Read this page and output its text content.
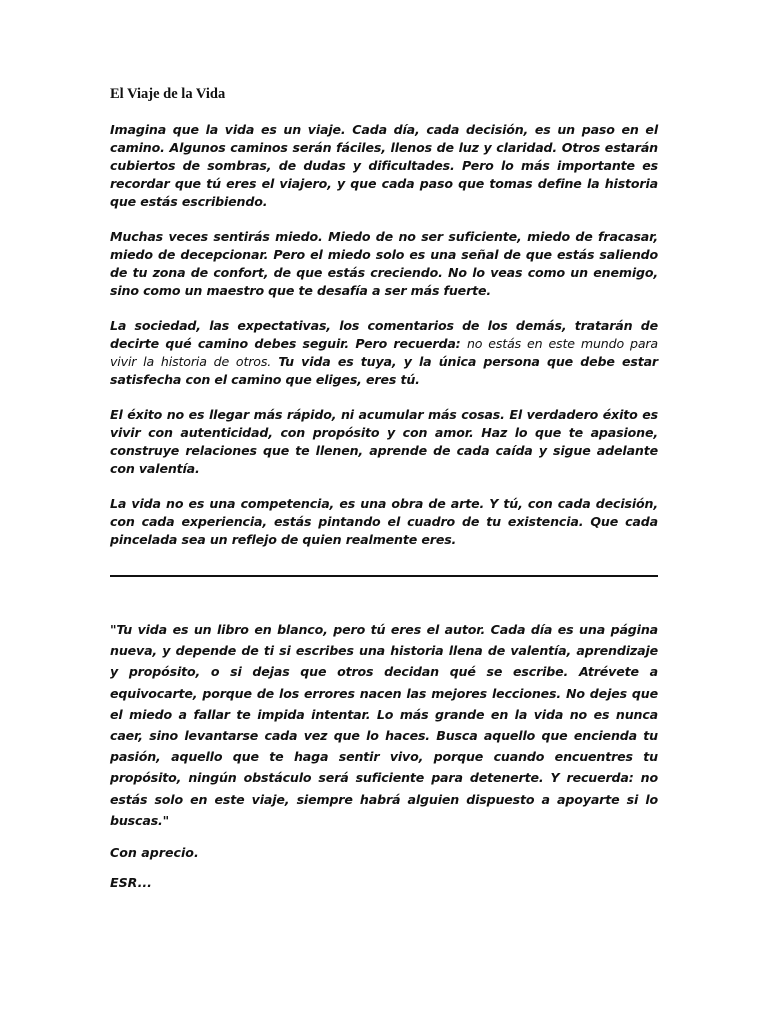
El Viaje de la Vida

Imagina que la vida es un viaje. Cada día, cada decisión, es un paso en el camino. Algunos caminos serán fáciles, llenos de luz y claridad. Otros estarán cubiertos de sombras, de dudas y dificultades. Pero lo más importante es recordar que tú eres el viajero, y que cada paso que tomas define la historia que estás escribiendo.

Muchas veces sentirás miedo. Miedo de no ser suficiente, miedo de fracasar, miedo de decepcionar. Pero el miedo solo es una señal de que estás saliendo de tu zona de confort, de que estás creciendo. No lo veas como un enemigo, sino como un maestro que te desafía a ser más fuerte.

La sociedad, las expectativas, los comentarios de los demás, tratarán de decirte qué camino debes seguir. Pero recuerda: no estás en este mundo para vivir la historia de otros. Tu vida es tuya, y la única persona que debe estar satisfecha con el camino que eliges, eres tú.

El éxito no es llegar más rápido, ni acumular más cosas. El verdadero éxito es vivir con autenticidad, con propósito y con amor. Haz lo que te apasione, construye relaciones que te llenen, aprende de cada caída y sigue adelante con valentía.

La vida no es una competencia, es una obra de arte. Y tú, con cada decisión, con cada experiencia, estás pintando el cuadro de tu existencia. Que cada pincelada sea un reflejo de quien realmente eres.

"Tu vida es un libro en blanco, pero tú eres el autor. Cada día es una página nueva, y depende de ti si escribes una historia llena de valentía, aprendizaje y propósito, o si dejas que otros decidan qué se escribe. Atrévete a equivocarte, porque de los errores nacen las mejores lecciones. No dejes que el miedo a fallar te impida intentar. Lo más grande en la vida no es nunca caer, sino levantarse cada vez que lo haces. Busca aquello que encienda tu pasión, aquello que te haga sentir vivo, porque cuando encuentres tu propósito, ningún obstáculo será suficiente para detenerte. Y recuerda: no estás solo en este viaje, siempre habrá alguien dispuesto a apoyarte si lo buscas."

Con aprecio.

ESR...
